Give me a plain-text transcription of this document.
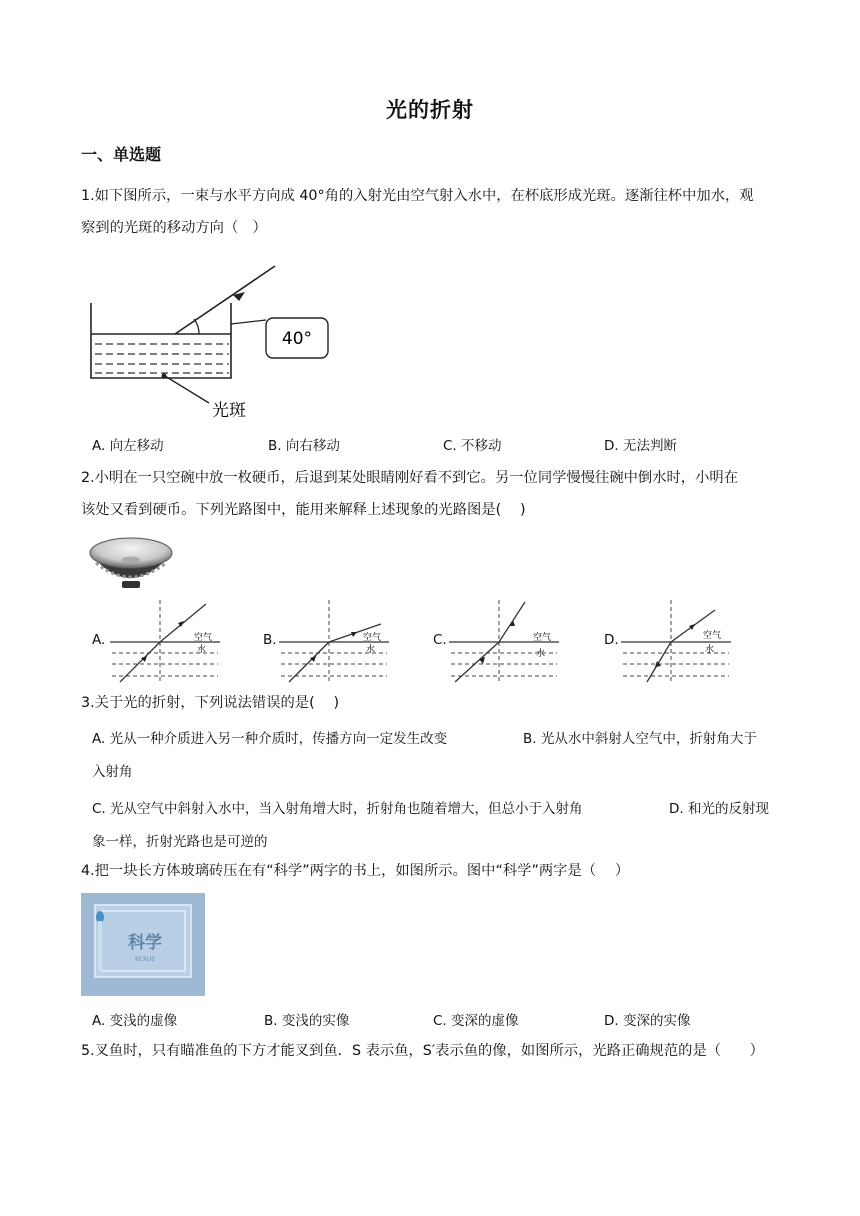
光的折射
一、单选题
1.如下图所示，一束与水平方向成 40°角的入射光由空气射入水中，在杯底形成光斑。逐渐往杯中加水，观
察到的光斑的移动方向（　）
40°
光斑
A. 向左移动	B. 向右移动	C. 不移动	D. 无法判断
2.小明在一只空碗中放一枚硬币，后退到某处眼睛刚好看不到它。另一位同学慢慢往碗中倒水时，小明在
该处又看到硬币。下列光路图中，能用来解释上述现象的光路图是(　 )
A.	空气
水
B.	空气
水
C.	空气
水
D.	空气
水
3.关于光的折射，下列说法错误的是(　 )
A. 光从一种介质进入另一种介质时，传播方向一定发生改变	B. 光从水中斜射人空气中，折射角大于
入射角
C. 光从空气中斜射入水中，当入射角增大时，折射角也随着增大，但总小于入射角	D. 和光的反射现
象一样，折射光路也是可逆的
4.把一块长方体玻璃砖压在有“科学”两字的书上，如图所示。图中“科学”两字是（　 ）
科学
KEXUE
A. 变浅的虚像	B. 变浅的实像	C. 变深的虚像	D. 变深的实像
5.叉鱼时，只有瞄准鱼的下方才能叉到鱼．S 表示鱼，S′表示鱼的像，如图所示，光路正确规范的是（　　）
